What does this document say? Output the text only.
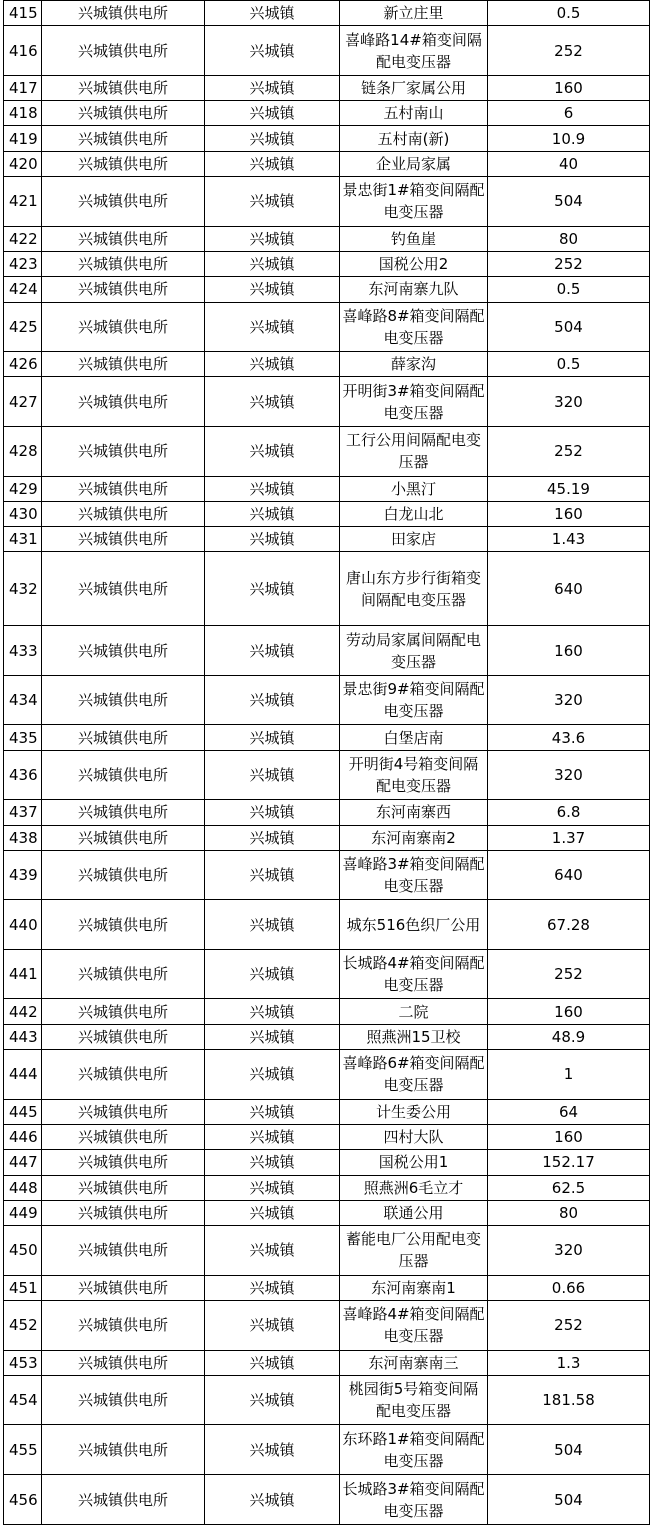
415	兴城镇供电所	兴城镇	新立庄里	0.5
416	兴城镇供电所	兴城镇	喜峰路14#箱变间隔配电变压器	252
417	兴城镇供电所	兴城镇	链条厂家属公用	160
418	兴城镇供电所	兴城镇	五村南山	6
419	兴城镇供电所	兴城镇	五村南(新)	10.9
420	兴城镇供电所	兴城镇	企业局家属	40
421	兴城镇供电所	兴城镇	景忠街1#箱变间隔配电变压器	504
422	兴城镇供电所	兴城镇	钓鱼崖	80
423	兴城镇供电所	兴城镇	国税公用2	252
424	兴城镇供电所	兴城镇	东河南寨九队	0.5
425	兴城镇供电所	兴城镇	喜峰路8#箱变间隔配电变压器	504
426	兴城镇供电所	兴城镇	薛家沟	0.5
427	兴城镇供电所	兴城镇	开明街3#箱变间隔配电变压器	320
428	兴城镇供电所	兴城镇	工行公用间隔配电变压器	252
429	兴城镇供电所	兴城镇	小黑汀	45.19
430	兴城镇供电所	兴城镇	白龙山北	160
431	兴城镇供电所	兴城镇	田家店	1.43
432	兴城镇供电所	兴城镇	唐山东方步行街箱变间隔配电变压器	640
433	兴城镇供电所	兴城镇	劳动局家属间隔配电变压器	160
434	兴城镇供电所	兴城镇	景忠街9#箱变间隔配电变压器	320
435	兴城镇供电所	兴城镇	白堡店南	43.6
436	兴城镇供电所	兴城镇	开明街4号箱变间隔配电变压器	320
437	兴城镇供电所	兴城镇	东河南寨西	6.8
438	兴城镇供电所	兴城镇	东河南寨南2	1.37
439	兴城镇供电所	兴城镇	喜峰路3#箱变间隔配电变压器	640
440	兴城镇供电所	兴城镇	城东516色织厂公用	67.28
441	兴城镇供电所	兴城镇	长城路4#箱变间隔配电变压器	252
442	兴城镇供电所	兴城镇	二院	160
443	兴城镇供电所	兴城镇	照燕洲15卫校	48.9
444	兴城镇供电所	兴城镇	喜峰路6#箱变间隔配电变压器	1
445	兴城镇供电所	兴城镇	计生委公用	64
446	兴城镇供电所	兴城镇	四村大队	160
447	兴城镇供电所	兴城镇	国税公用1	152.17
448	兴城镇供电所	兴城镇	照燕洲6毛立才	62.5
449	兴城镇供电所	兴城镇	联通公用	80
450	兴城镇供电所	兴城镇	蓄能电厂公用配电变压器	320
451	兴城镇供电所	兴城镇	东河南寨南1	0.66
452	兴城镇供电所	兴城镇	喜峰路4#箱变间隔配电变压器	252
453	兴城镇供电所	兴城镇	东河南寨南三	1.3
454	兴城镇供电所	兴城镇	桃园街5号箱变间隔配电变压器	181.58
455	兴城镇供电所	兴城镇	东环路1#箱变间隔配电变压器	504
456	兴城镇供电所	兴城镇	长城路3#箱变间隔配电变压器	504
